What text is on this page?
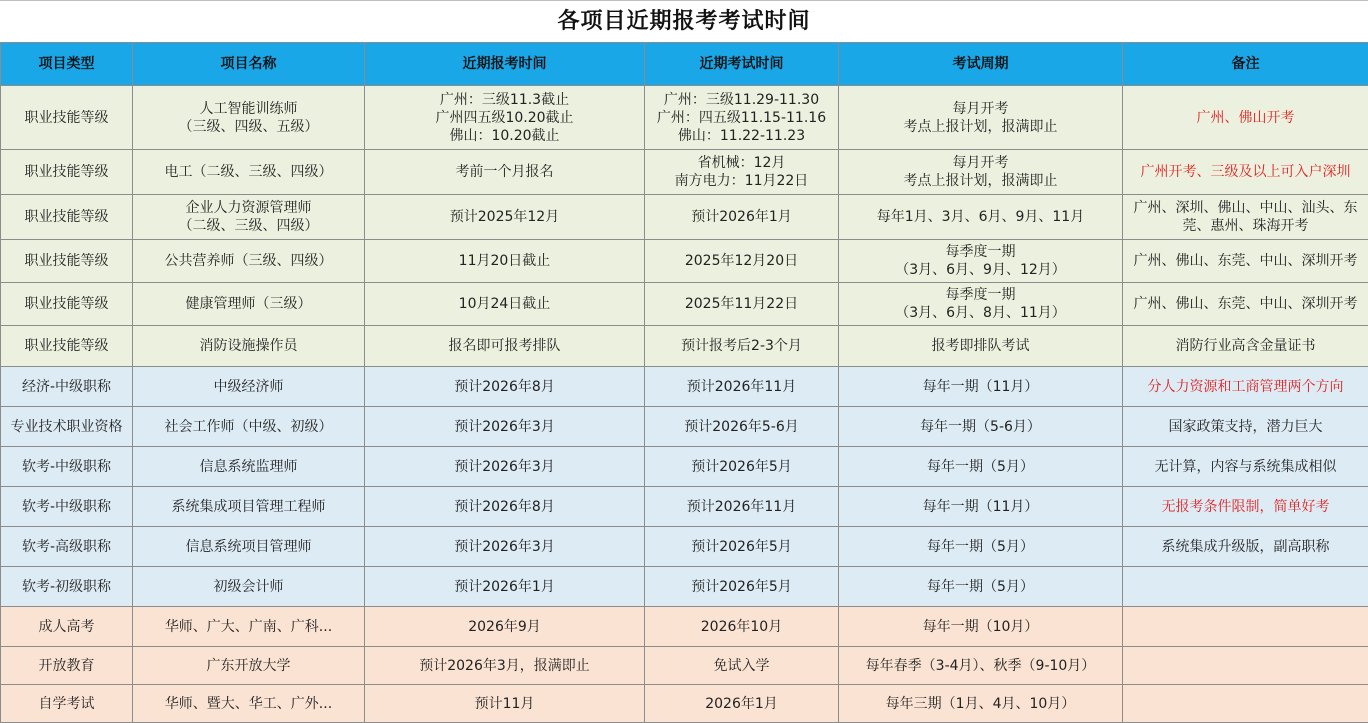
各项目近期报考考试时间
项目类型	项目名称	近期报考时间	近期考试时间	考试周期	备注
职业技能等级	人工智能训练师
（三级、四级、五级）	广州：三级11.3截止
广州四五级10.20截止
佛山：10.20截止	广州：三级11.29-11.30
广州：四五级11.15-11.16
佛山：11.22-11.23	每月开考
考点上报计划，报满即止	广州、佛山开考

职业技能等级	电工（二级、三级、四级）	考前一个月报名	省机械：12月
南方电力：11月22日	每月开考
考点上报计划，报满即止	广州开考、三级及以上可入户深圳

职业技能等级	企业人力资源管理师
（二级、三级、四级）	预计2025年12月	预计2026年1月	每年1月、3月、6月、9月、11月	广州、深圳、佛山、中山、汕头、东
莞、惠州、珠海开考

职业技能等级	公共营养师（三级、四级）	11月20日截止	2025年12月20日	每季度一期
（3月、6月、9月、12月）	广州、佛山、东莞、中山、深圳开考

职业技能等级	健康管理师（三级）	10月24日截止	2025年11月22日	每季度一期
（3月、6月、8月、11月）	广州、佛山、东莞、中山、深圳开考

职业技能等级	消防设施操作员	报名即可报考排队	预计报考后2-3个月	报考即排队考试	消防行业高含金量证书

经济-中级职称	中级经济师	预计2026年8月	预计2026年11月	每年一期（11月）	分人力资源和工商管理两个方向

专业技术职业资格	社会工作师（中级、初级）	预计2026年3月	预计2026年5-6月	每年一期（5-6月）	国家政策支持，潜力巨大

软考-中级职称	信息系统监理师	预计2026年3月	预计2026年5月	每年一期（5月）	无计算，内容与系统集成相似

软考-中级职称	系统集成项目管理工程师	预计2026年8月	预计2026年11月	每年一期（11月）	无报考条件限制，简单好考

软考-高级职称	信息系统项目管理师	预计2026年3月	预计2026年5月	每年一期（5月）	系统集成升级版，副高职称

软考-初级职称	初级会计师	预计2026年1月	预计2026年5月	每年一期（5月）	

成人高考	华师、广大、广南、广科...	2026年9月	2026年10月	每年一期（10月）	

开放教育	广东开放大学	预计2026年3月，报满即止	免试入学	每年春季（3-4月）、秋季（9-10月）	

自学考试	华师、暨大、华工、广外...	预计11月	2026年1月	每年三期（1月、4月、10月）	
